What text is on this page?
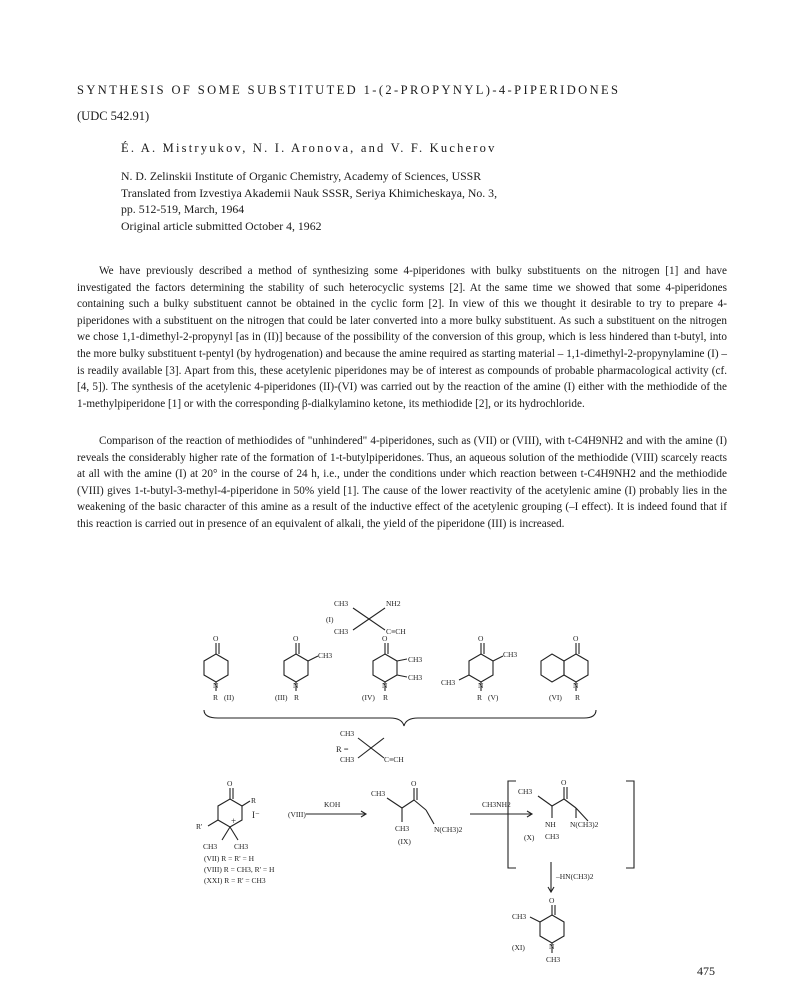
SYNTHESIS OF SOME SUBSTITUTED 1-(2-PROPYNYL)-4-PIPERIDONES
(UDC 542.91)
É. A. Mistryukov, N. I. Aronova, and V. F. Kucherov
N. D. Zelinskii Institute of Organic Chemistry, Academy of Sciences, USSR
Translated from Izvestiya Akademii Nauk SSSR, Seriya Khimicheskaya, No. 3,
pp. 512-519, March, 1964
Original article submitted October 4, 1962

We have previously described a method of synthesizing some 4-piperidones with bulky substituents on the nitrogen [1] and have investigated the factors determining the stability of such heterocyclic systems [2]. At the same time we showed that some 4-piperidones containing such a bulky substituent cannot be obtained in the cyclic form [2]. In view of this we thought it desirable to try to prepare 4-piperidones with a substituent on the nitrogen that could be later converted into a more bulky substituent. As such a substituent on the nitrogen we chose 1,1-dimethyl-2-propynyl [as in (II)] because of the possibility of the conversion of this group, which is less hindered than t-butyl, into the more bulky substituent t-pentyl (by hydrogenation) and because the amine required as starting material – 1,1-dimethyl-2-propynylamine (I) – is readily available [3]. Apart from this, these acetylenic piperidones may be of interest as compounds of probable pharmacological activity (cf. [4, 5]). The synthesis of the acetylenic 4-piperidones (II)-(VI) was carried out by the reaction of the amine (I) either with the methiodide of the 1-methylpiperidone [1] or with the corresponding β-dialkylamino ketone, its methiodide [2], or its hydrochloride.

Comparison of the reaction of methiodides of "unhindered" 4-piperidones, such as (VII) or (VIII), with t-C4H9NH2 and with the amine (I) reveals the considerably higher rate of the formation of 1-t-butylpiperidones. Thus, an aqueous solution of the methiodide (VIII) scarcely reacts at all with the amine (I) at 20° in the course of 24 h, i.e., under the conditions under which reaction between t-C4H9NH2 and the methiodide (VIII) gives 1-t-butyl-3-methyl-4-piperidone in 50% yield [1]. The cause of the lower reactivity of the acetylenic amine (I) probably lies in the weakening of the basic character of this amine as a result of the inductive effect of the acetylenic grouping (–I effect). It is indeed found that if this reaction is carried out in presence of an equivalent of alkali, the yield of the piperidone (III) is increased.

(I)
CH3	NH2
CH3	C≡CH
O
N
R (II)
O
CH3
N
(III) R
O
CH3
CH3
N
(IV) R
O
CH3
CH3	N
R (V)
O
N
(VI) R
R =
CH3
CH3	C≡CH
O
R
I⁻
R'
+
CH3 CH3
(VII) R = R' = H
(VIII) R = CH3, R' = H
(XXI) R = R' = CH3
(VIII)
KOH
CH3
O
CH3	N(CH3)2
(IX)
CH3NH2
CH3
O
NH N(CH3)2
CH3
(X)
–HN(CH3)2
O
CH3
N
(XI)
CH3
475
